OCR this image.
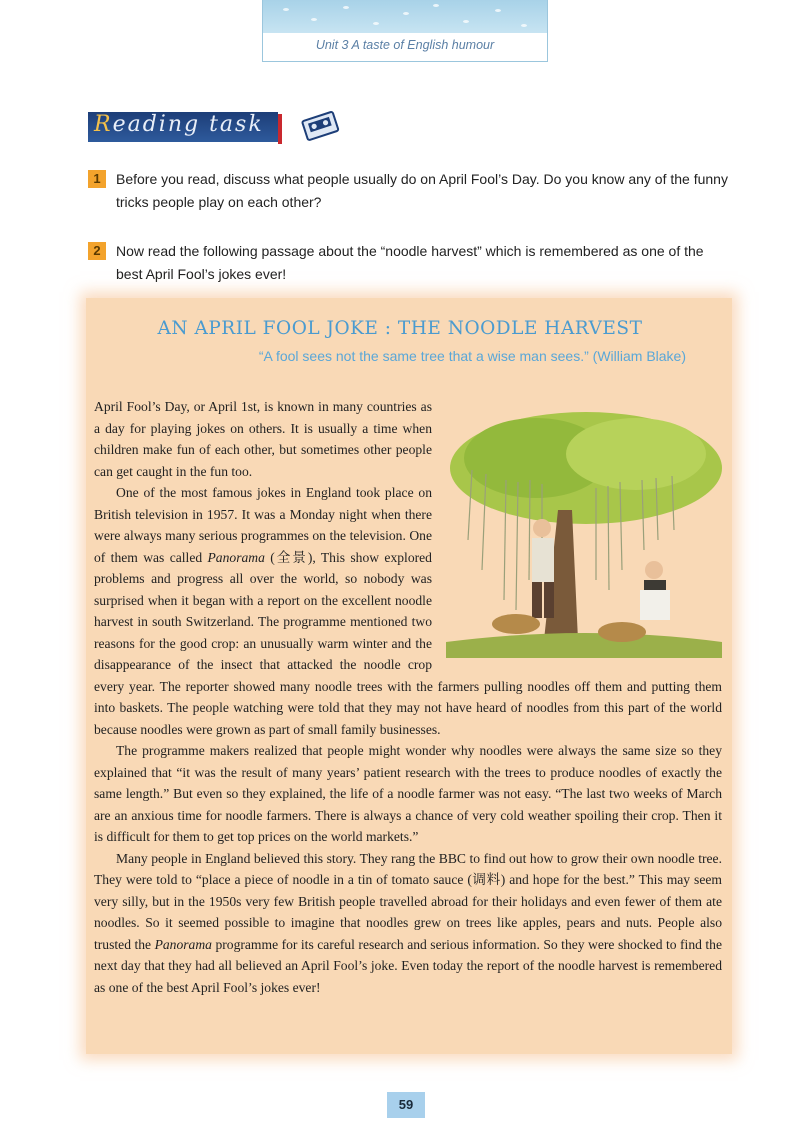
Unit 3 A taste of English humour
Reading task
1	Before you read, discuss what people usually do on April Fool’s Day. Do you know any of the funny tricks people play on each other?
2	Now read the following passage about the “noodle harvest” which is remembered as one of the best April Fool’s jokes ever!
AN APRIL FOOL JOKE : THE NOODLE HARVEST
“A fool sees not the same tree that a wise man sees.” (William Blake)

April Fool’s Day, or April 1st, is known in many countries as a day for playing jokes on others. It is usually a time when children make fun of each other, but sometimes other people can get caught in the fun too.

One of the most famous jokes in England took place on British television in 1957. It was a Monday night when there were always many serious programmes on the television. One of them was called Panorama (全景), This show explored problems and progress all over the world, so nobody was surprised when it began with a report on the excellent noodle harvest in south Switzerland. The programme mentioned two reasons for the good crop: an unusually warm winter and the disappearance of the insect that attacked the noodle crop every year. The reporter showed many noodle trees with the farmers pulling noodles off them and putting them into baskets. The people watching were told that they may not have heard of noodles from this part of the world because noodles were grown as part of small family businesses.

The programme makers realized that people might wonder why noodles were always the same size so they explained that “it was the result of many years’ patient research with the trees to produce noodles of exactly the same length.” But even so they explained, the life of a noodle farmer was not easy. “The last two weeks of March are an anxious time for noodle farmers. There is always a chance of very cold weather spoiling their crop. Then it is difficult for them to get top prices on the world markets.”

Many people in England believed this story. They rang the BBC to find out how to grow their own noodle tree. They were told to “place a piece of noodle in a tin of tomato sauce (调料) and hope for the best.” This may seem very silly, but in the 1950s very few British people travelled abroad for their holidays and even fewer of them ate noodles. So it seemed possible to imagine that noodles grew on trees like apples, pears and nuts. People also trusted the Panorama programme for its careful research and serious information. So they were shocked to find the next day that they had all believed an April Fool’s joke. Even today the report of the noodle harvest is remembered as one of the best April Fool’s jokes ever!

59
